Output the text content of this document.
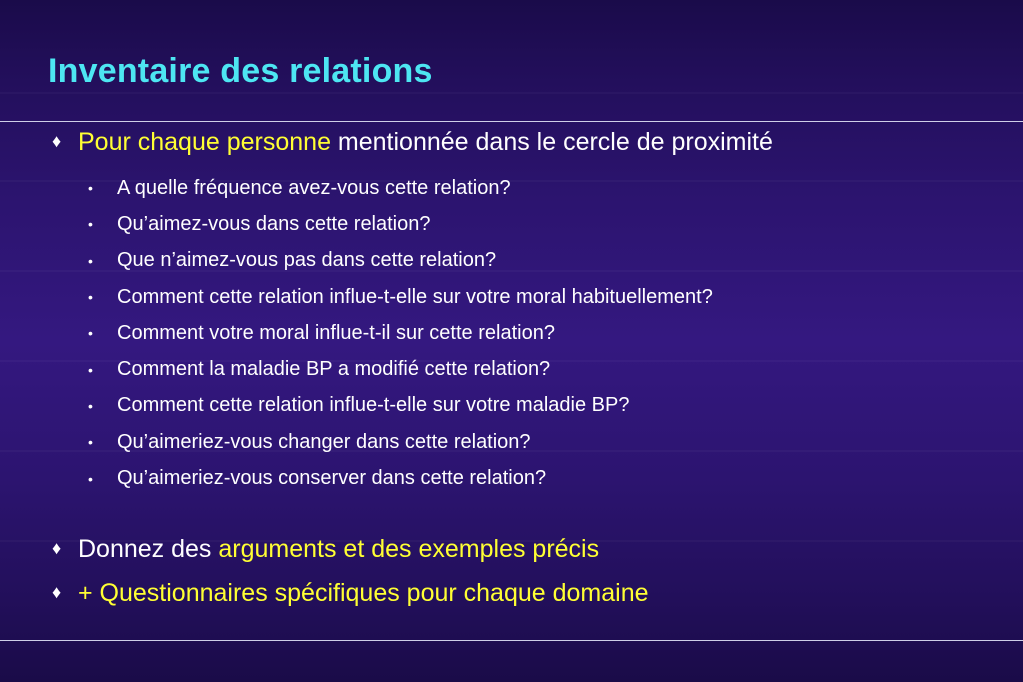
Inventaire des relations
♦ Pour chaque personne mentionnée dans le cercle de proximité
•	A quelle fréquence avez-vous cette relation?
•	Qu’aimez-vous dans cette relation?
•	Que n’aimez-vous pas dans cette relation?
•	Comment cette relation influe-t-elle sur votre moral habituellement?
•	Comment votre moral influe-t-il sur cette relation?
•	Comment la maladie BP a modifié cette relation?
•	Comment cette relation influe-t-elle sur votre maladie BP?
•	Qu’aimeriez-vous changer dans cette relation?
•	Qu’aimeriez-vous conserver dans cette relation?
♦ Donnez des arguments et des exemples précis
♦ + Questionnaires spécifiques pour chaque domaine
